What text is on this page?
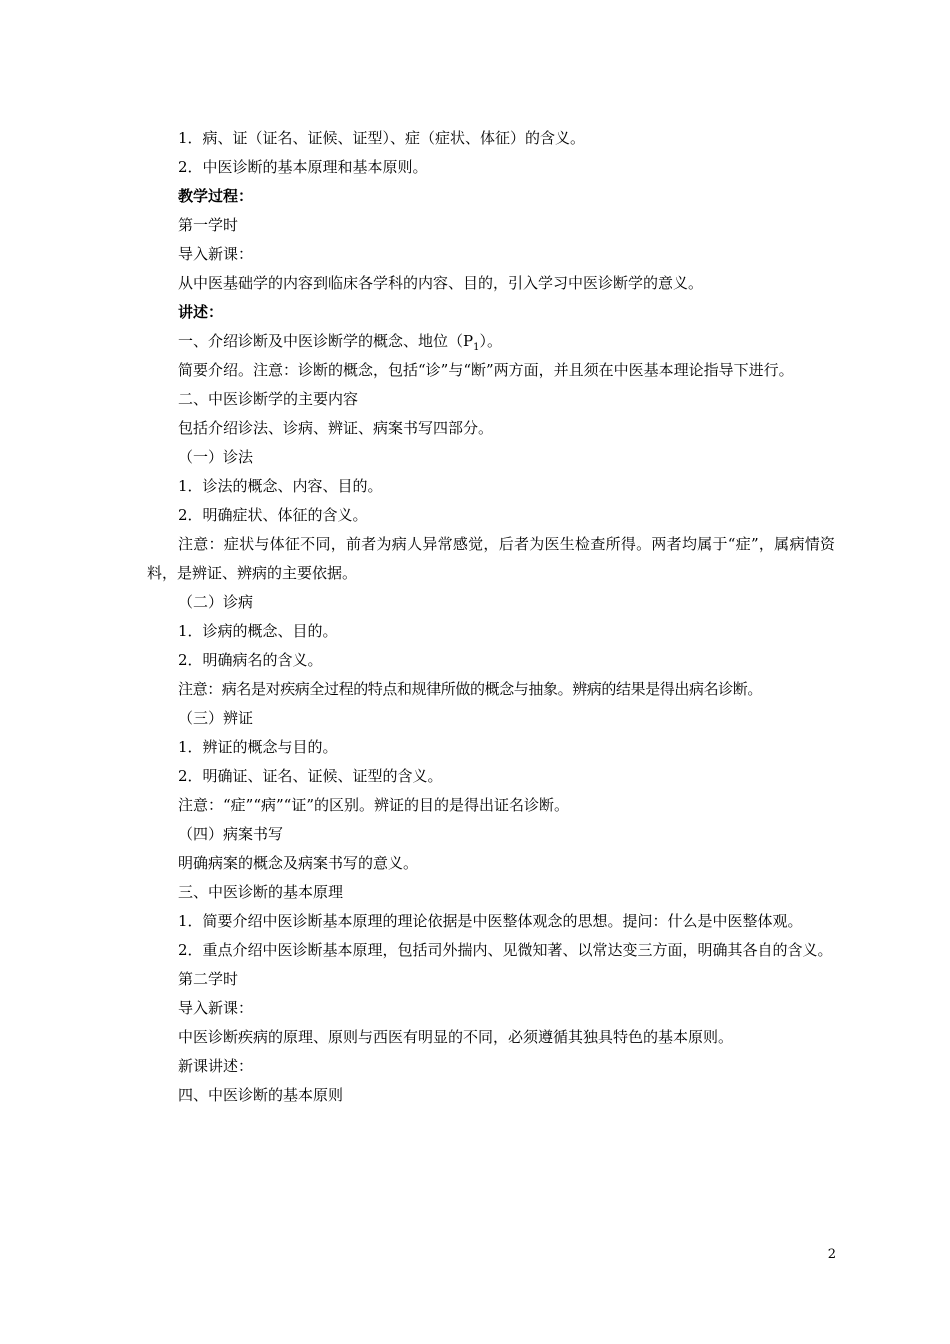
1．病、证（证名、证候、证型）、症（症状、体征）的含义。

2．中医诊断的基本原理和基本原则。

教学过程：

第一学时

导入新课：

从中医基础学的内容到临床各学科的内容、目的，引入学习中医诊断学的意义。

讲述：

一、介绍诊断及中医诊断学的概念、地位$(P_1)$。

简要介绍。注意：诊断的概念，包括“诊”与“断”两方面，并且须在中医基本理论指导下进行。

二、中医诊断学的主要内容

包括介绍诊法、诊病、辨证、病案书写四部分。

（一）诊法

1．诊法的概念、内容、目的。

2．明确症状、体征的含义。

注意：症状与体征不同，前者为病人异常感觉，后者为医生检查所得。两者均属于“症”，属病情资料，是辨证、辨病的主要依据。

（二）诊病

1．诊病的概念、目的。

2．明确病名的含义。

注意：病名是对疾病全过程的特点和规律所做的概念与抽象。辨病的结果是得出病名诊断。

（三）辨证

1．辨证的概念与目的。

2．明确证、证名、证候、证型的含义。

注意：“症”“病”“证”的区别。辨证的目的是得出证名诊断。

（四）病案书写

明确病案的概念及病案书写的意义。

三、中医诊断的基本原理

1．简要介绍中医诊断基本原理的理论依据是中医整体观念的思想。提问：什么是中医整体观。

2．重点介绍中医诊断基本原理，包括司外揣内、见微知著、以常达变三方面，明确其各自的含义。

第二学时

导入新课：

中医诊断疾病的原理、原则与西医有明显的不同，必须遵循其独具特色的基本原则。

新课讲述：

四、中医诊断的基本原则

2
